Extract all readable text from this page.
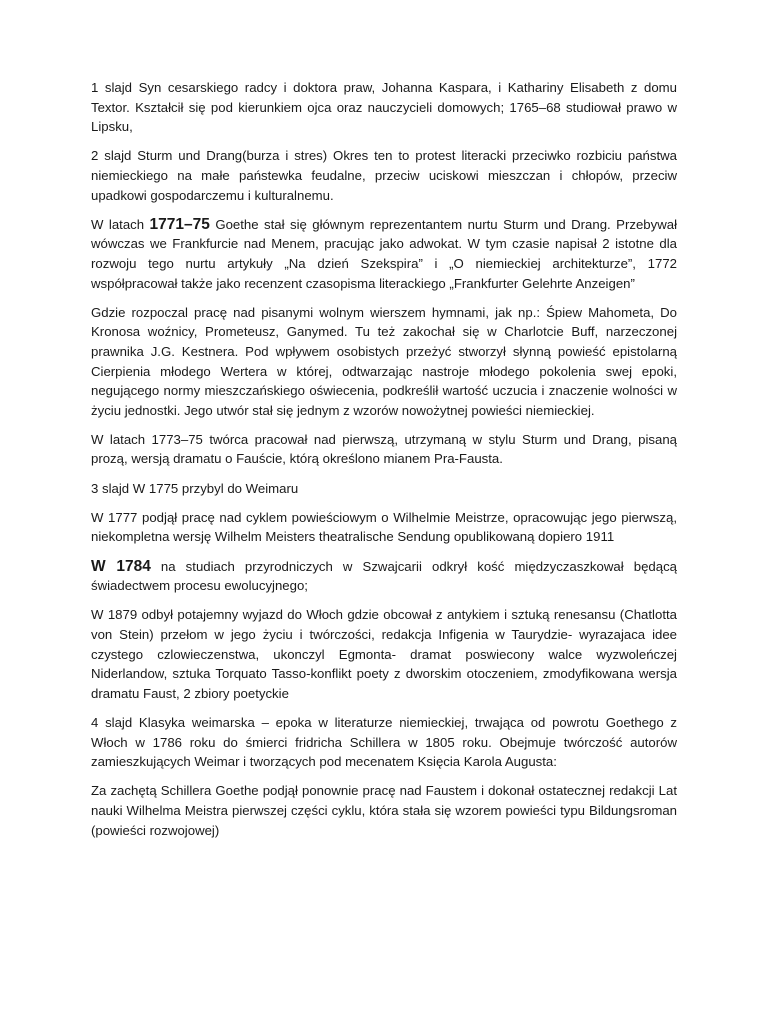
1 slajd Syn cesarskiego radcy i doktora praw, Johanna Kaspara, i Kathariny Elisabeth z domu Textor. Kształcił się pod kierunkiem ojca oraz nauczycieli domowych; 1765–68 studiował prawo w Lipsku,

2 slajd Sturm und Drang(burza i stres) Okres ten to protest literacki przeciwko rozbiciu państwa niemieckiego na małe państewka feudalne, przeciw uciskowi mieszczan i chłopów, przeciw upadkowi gospodarczemu i kulturalnemu.

W latach 1771–75 Goethe stał się głównym reprezentantem nurtu Sturm und Drang. Przebywał wówczas we Frankfurcie nad Menem, pracując jako adwokat. W tym czasie napisał 2 istotne dla rozwoju tego nurtu artykuły „Na dzień Szekspira” i „O niemieckiej architekturze”, 1772 współpracował także jako recenzent czasopisma literackiego „Frankfurter Gelehrte Anzeigen”

Gdzie rozpoczal pracę nad pisanymi wolnym wierszem hymnami, jak np.: Śpiew Mahometa, Do Kronosa woźnicy, Prometeusz, Ganymed. Tu też zakochał się w Charlotcie Buff, narzeczonej prawnika J.G. Kestnera. Pod wpływem osobistych przeżyć stworzył słynną powieść epistolarną Cierpienia młodego Wertera w której, odtwarzając nastroje młodego pokolenia swej epoki, negującego normy mieszczańskiego oświecenia, podkreślił wartość uczucia i znaczenie wolności w życiu jednostki. Jego utwór stał się jednym z wzorów nowożytnej powieści niemieckiej.

W latach 1773–75 twórca pracował nad pierwszą, utrzymaną w stylu Sturm und Drang, pisaną prozą, wersją dramatu o Fauście, którą określono mianem Pra-Fausta.

3 slajd W 1775 przybyl do Weimaru

W 1777 podjął pracę nad cyklem powieściowym o Wilhelmie Meistrze, opracowując jego pierwszą, niekompletna wersję Wilhelm Meisters theatralische Sendung opublikowaną dopiero 1911

W 1784 na studiach przyrodniczych w Szwajcarii odkrył kość międzyczaszkował będącą świadectwem procesu ewolucyjnego;

W 1879 odbył potajemny wyjazd do Włoch gdzie obcował z antykiem i sztuką renesansu (Chatlotta von Stein) przełom w jego życiu i twórczości, redakcja Infigenia w Taurydzie- wyrazajaca idee czystego czlowieczenstwa, ukonczyl Egmonta- dramat poswiecony walce wyzwoleńczej Niderlandow, sztuka Torquato Tasso-konflikt poety z dworskim otoczeniem, zmodyfikowana wersja dramatu Faust, 2 zbiory poetyckie

4 slajd Klasyka weimarska – epoka w literaturze niemieckiej, trwająca od powrotu Goethego z Włoch w 1786 roku do śmierci fridricha Schillera w 1805 roku. Obejmuje twórczość autorów zamieszkujących Weimar i tworzących pod mecenatem Księcia Karola Augusta:

Za zachętą Schillera Goethe podjął ponownie pracę nad Faustem i dokonał ostatecznej redakcji Lat nauki Wilhelma Meistra pierwszej części cyklu, która stała się wzorem powieści typu Bildungsroman (powieści rozwojowej)
